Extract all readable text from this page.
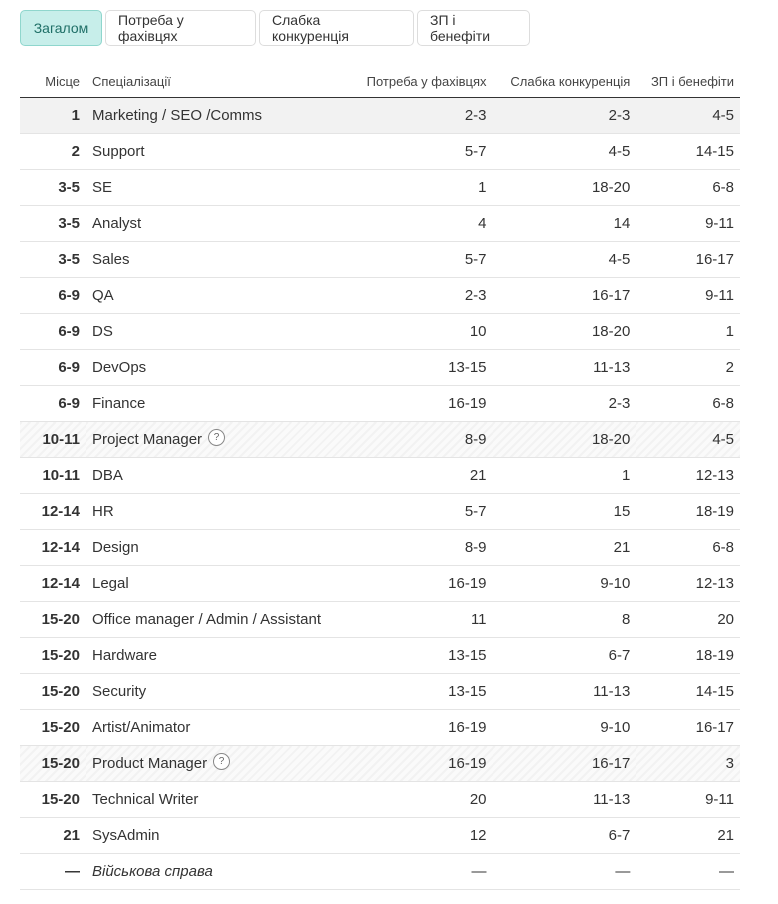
Загалом	Потреба у фахівцях
Слабка конкуренція
ЗП і бенефіти
Місце	Спеціалізації	Потреба у фахівцях	Слабка конкуренція	ЗП і бенефіти
1	Marketing / SEO /Comms	2-3	2-3	4-5
2	Support	5-7	4-5	14-15
3-5	SE	1	18-20	6-8
3-5	Analyst	4	14	9-11
3-5	Sales	5-7	4-5	16-17
6-9	QA	2-3	16-17	9-11
6-9	DS	10	18-20	1
6-9	DevOps	13-15	11-13	2
6-9	Finance	16-19	2-3	6-8
10-11	Project Manager ?	8-9	18-20	4-5
10-11	DBA	21	1	12-13
12-14	HR	5-7	15	18-19
12-14	Design	8-9	21	6-8
12-14	Legal	16-19	9-10	12-13
15-20	Office manager / Admin / Assistant	11	8	20
15-20	Hardware	13-15	6-7	18-19
15-20	Security	13-15	11-13	14-15
15-20	Artist/Animator	16-19	9-10	16-17
15-20	Product Manager ?	16-19	16-17	3
15-20	Technical Writer	20	11-13	9-11
21	SysAdmin	12	6-7	21
—	Військова справа	—	—	—
